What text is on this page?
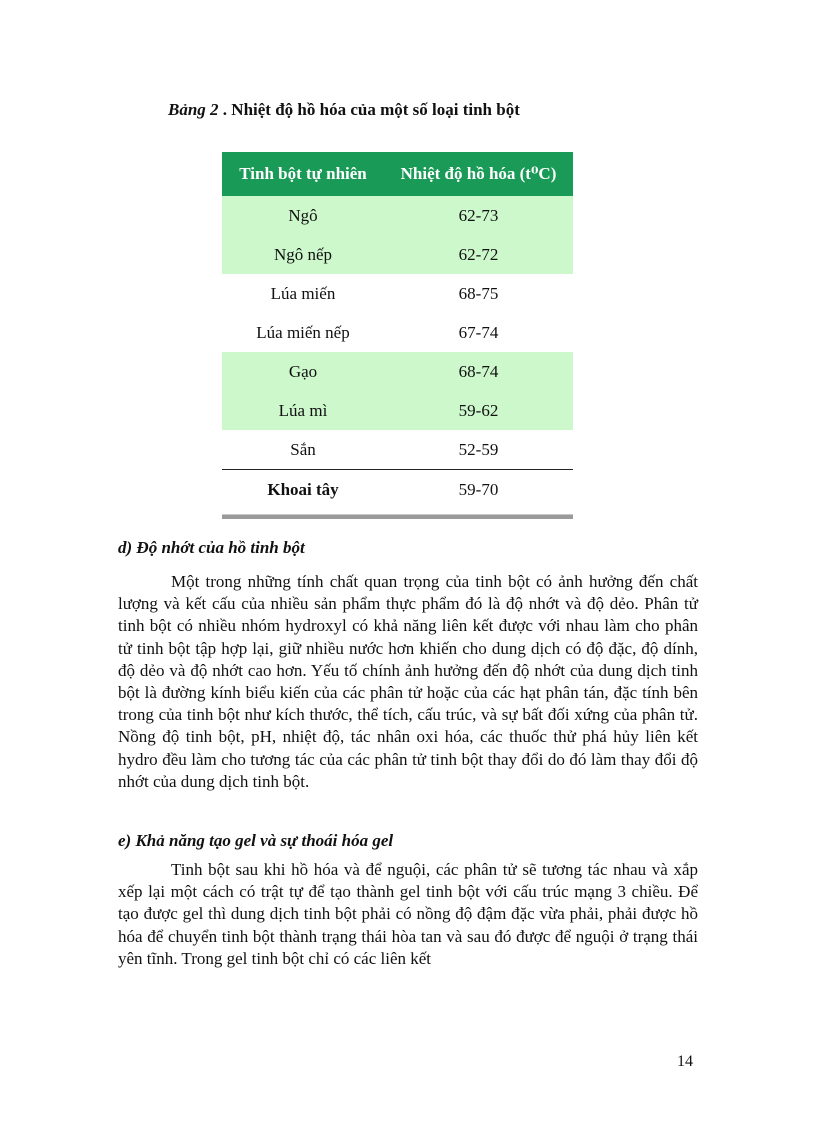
Bảng 2 . Nhiệt độ hồ hóa của một số loại tinh bột
Tinh bột tự nhiên	Nhiệt độ hồ hóa (t⁰C)
Ngô	62-73
Ngô nếp	62-72
Lúa miến	68-75
Lúa miến nếp	67-74
Gạo	68-74
Lúa mì	59-62
Sắn	52-59
Khoai tây	59-70
d) Độ nhớt của hồ tinh bột

Một trong những tính chất quan trọng của tinh bột có ảnh hưởng đến chất lượng và kết cấu của nhiều sản phẩm thực phẩm đó là độ nhớt và độ dẻo. Phân tử tinh bột có nhiều nhóm hydroxyl có khả năng liên kết được với nhau làm cho phân tử tinh bột tập hợp lại, giữ nhiều nước hơn khiến cho dung dịch có độ đặc, độ dính, độ dẻo và độ nhớt cao hơn. Yếu tố chính ảnh hưởng đến độ nhớt của dung dịch tinh bột là đường kính biểu kiến của các phân tử hoặc của các hạt phân tán, đặc tính bên trong của tinh bột như kích thước, thể tích, cấu trúc, và sự bất đối xứng của phân tử. Nồng độ tinh bột, pH, nhiệt độ, tác nhân oxi hóa, các thuốc thử phá hủy liên kết hydro đều làm cho tương tác của các phân tử tinh bột thay đổi do đó làm thay đổi độ nhớt của dung dịch tinh bột.

e) Khả năng tạo gel và sự thoái hóa gel

Tinh bột sau khi hồ hóa và để nguội, các phân tử sẽ tương tác nhau và xắp xếp lại một cách có trật tự để tạo thành gel tinh bột với cấu trúc mạng 3 chiều. Để tạo được gel thì dung dịch tinh bột phải có nồng độ đậm đặc vừa phải, phải được hồ hóa để chuyển tinh bột thành trạng thái hòa tan và sau đó được để nguội ở trạng thái yên tĩnh. Trong gel tinh bột chỉ có các liên kết

14
